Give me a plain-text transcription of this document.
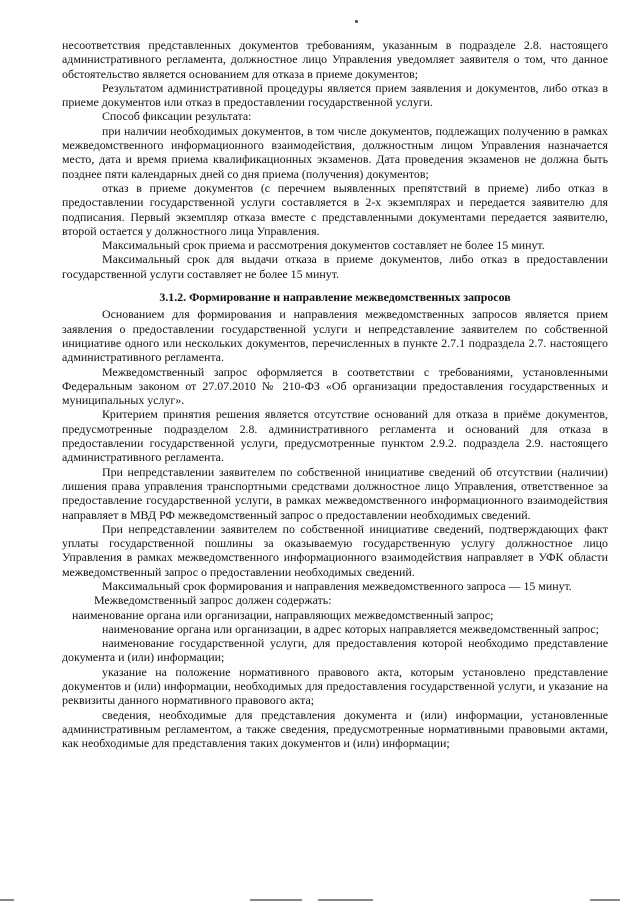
несоответствия представленных документов требованиям, указанным в подразделе 2.8. настоящего административного регламента, должностное лицо Управления уведомляет заявителя о том, что данное обстоятельство является основанием для отказа в приеме документов;

Результатом административной процедуры является прием заявления и документов, либо отказ в приеме документов или отказ в предоставлении государственной услуги.

Способ фиксации результата:

при наличии необходимых документов, в том числе документов, подлежащих получению в рамках межведомственного информационного взаимодействия, должностным лицом Управления назначается место, дата и время приема квалификационных экзаменов. Дата проведения экзаменов не должна быть позднее пяти календарных дней со дня приема (получения) документов;

отказ в приеме документов (с перечнем выявленных препятствий в приеме) либо отказ в предоставлении государственной услуги составляется в 2-х экземплярах и передается заявителю для подписания. Первый экземпляр отказа вместе с представленными документами передается заявителю, второй остается у должностного лица Управления.

Максимальный срок приема и рассмотрения документов составляет не более 15 минут.

Максимальный срок для выдачи отказа в приеме документов, либо отказ в предоставлении государственной услуги составляет не более 15 минут.

3.1.2. Формирование и направление межведомственных запросов

Основанием для формирования и направления межведомственных запросов является прием заявления о предоставлении государственной услуги и непредставление заявителем по собственной инициативе одного или нескольких документов, перечисленных в пункте 2.7.1 подраздела 2.7. настоящего административного регламента.

Межведомственный запрос оформляется в соответствии с требованиями, установленными Федеральным законом от 27.07.2010 № 210-ФЗ «Об организации предоставления государственных и муниципальных услуг».

Критерием принятия решения является отсутствие оснований для отказа в приёме документов, предусмотренные подразделом 2.8. административного регламента и оснований для отказа в предоставлении государственной услуги, предусмотренные пунктом 2.9.2. подраздела 2.9. настоящего административного регламента.

При непредставлении заявителем по собственной инициативе сведений об отсутствии (наличии) лишения права управления транспортными средствами должностное лицо Управления, ответственное за предоставление государственной услуги, в рамках межведомственного информационного взаимодействия направляет в МВД РФ межведомственный запрос о предоставлении необходимых сведений.

При непредставлении заявителем по собственной инициативе сведений, подтверждающих факт уплаты государственной пошлины за оказываемую государственную услугу должностное лицо Управления в рамках межведомственного информационного взаимодействия направляет в УФК области межведомственный запрос о предоставлении необходимых сведений.

Максимальный срок формирования и направления межведомственного запроса — 15 минут.

Межведомственный запрос должен содержать:

наименование органа или организации, направляющих межведомственный запрос;

наименование органа или организации, в адрес которых направляется межведомственный запрос;

наименование государственной услуги, для предоставления которой необходимо представление документа и (или) информации;

указание на положение нормативного правового акта, которым установлено представление документов и (или) информации, необходимых для предоставления государственной услуги, и указание на реквизиты данного нормативного правового акта;

сведения, необходимые для представления документа и (или) информации, установленные административным регламентом, а также сведения, предусмотренные нормативными правовыми актами, как необходимые для представления таких документов и (или) информации;
